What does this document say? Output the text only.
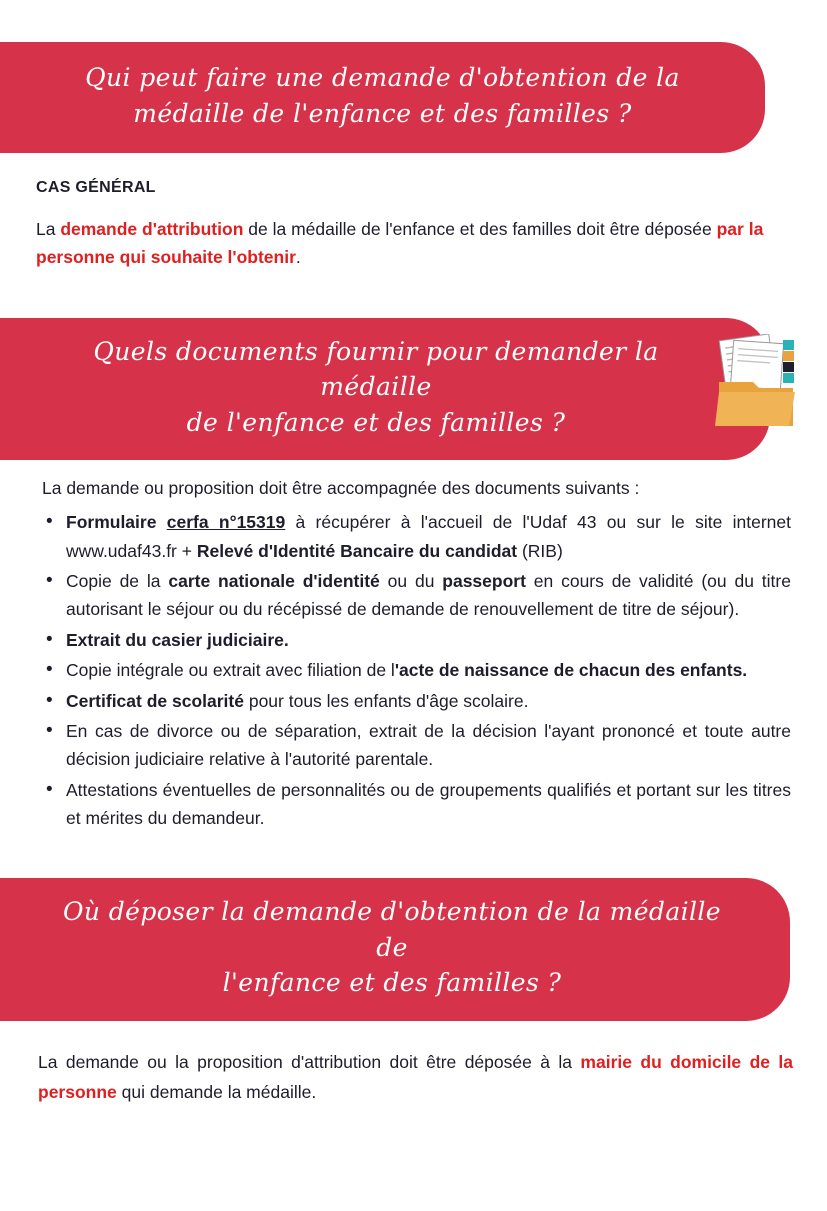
Qui peut faire une demande d'obtention de la
médaille de l'enfance et des familles ?
CAS GÉNÉRAL

La demande d'attribution de la médaille de l'enfance et des familles doit être déposée par la personne qui souhaite l'obtenir.

Quels documents fournir pour demander la médaille
de l'enfance et des familles ?

La demande ou proposition doit être accompagnée des documents suivants :

• Formulaire cerfa n°15319 à récupérer à l'accueil de l'Udaf 43 ou sur le site internet www.udaf43.fr + Relevé d'Identité Bancaire du candidat (RIB)
• Copie de la carte nationale d'identité ou du passeport en cours de validité (ou du titre autorisant le séjour ou du récépissé de demande de renouvellement de titre de séjour).
• Extrait du casier judiciaire.
• Copie intégrale ou extrait avec filiation de l'acte de naissance de chacun des enfants.
• Certificat de scolarité pour tous les enfants d'âge scolaire.
• En cas de divorce ou de séparation, extrait de la décision l'ayant prononcé et toute autre décision judiciaire relative à l'autorité parentale.
• Attestations éventuelles de personnalités ou de groupements qualifiés et portant sur les titres et mérites du demandeur.
Où déposer la demande d'obtention de la médaille de
l'enfance et des familles ?

La demande ou la proposition d'attribution doit être déposée à la mairie du domicile de la personne qui demande la médaille.
